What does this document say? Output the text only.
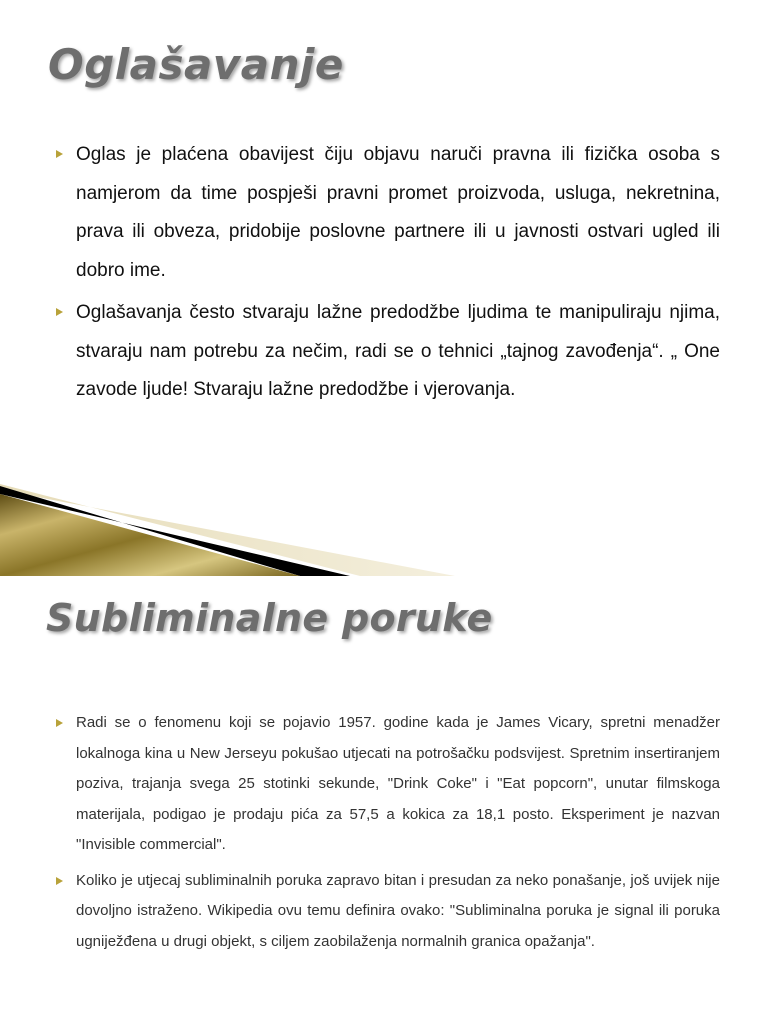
Oglašavanje
Oglas je plaćena obavijest čiju objavu naruči pravna ili fizička osoba s namjerom da time pospješi pravni promet proizvoda, usluga, nekretnina, prava ili obveza, pridobije poslovne partnere ili u javnosti ostvari ugled ili dobro ime.
Oglašavanja često stvaraju lažne predodžbe ljudima te manipuliraju njima, stvaraju nam potrebu za nečim, radi se o tehnici „tajnog zavođenja“. „ One zavode ljude! Stvaraju lažne predodžbe i vjerovanja.
Subliminalne poruke
Radi se o fenomenu koji se pojavio 1957. godine kada je James Vicary, spretni menadžer lokalnoga kina u New Jerseyu pokušao utjecati na potrošačku podsvijest. Spretnim insertiranjem poziva, trajanja svega 25 stotinki sekunde, "Drink Coke" i "Eat popcorn", unutar filmskoga materijala, podigao je prodaju pića za 57,5 a kokica za 18,1 posto. Eksperiment je nazvan "Invisible commercial".
Koliko je utjecaj subliminalnih poruka zapravo bitan i presudan za neko ponašanje, još uvijek nije dovoljno istraženo. Wikipedia ovu temu definira ovako: "Subliminalna poruka je signal ili poruka ugniježđena u drugi objekt, s ciljem zaobilaženja normalnih granica opažanja".
